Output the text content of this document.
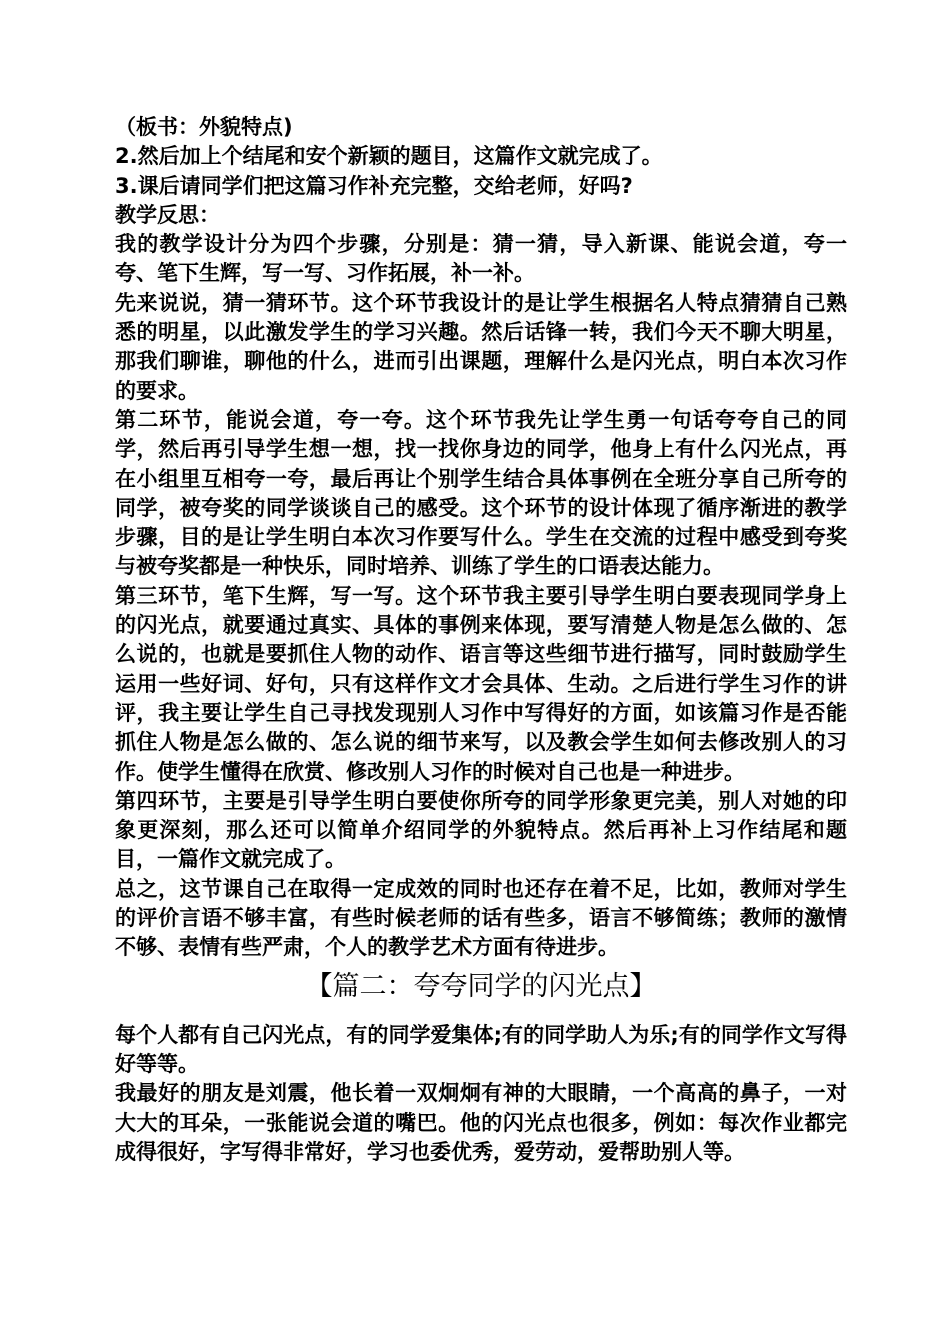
（板书：外貌特点)

2.然后加上个结尾和安个新颖的题目，这篇作文就完成了。

3.课后请同学们把这篇习作补充完整，交给老师，好吗?

教学反思：

我的教学设计分为四个步骤，分别是：猜一猜，导入新课、能说会道，夸一夸、笔下生辉，写一写、习作拓展，补一补。

先来说说，猜一猜环节。这个环节我设计的是让学生根据名人特点猜猜自己熟悉的明星，以此激发学生的学习兴趣。然后话锋一转，我们今天不聊大明星，那我们聊谁，聊他的什么，进而引出课题，理解什么是闪光点，明白本次习作的要求。

第二环节，能说会道，夸一夸。这个环节我先让学生勇一句话夸夸自己的同学，然后再引导学生想一想，找一找你身边的同学，他身上有什么闪光点，再在小组里互相夸一夸，最后再让个别学生结合具体事例在全班分享自己所夸的同学，被夸奖的同学谈谈自己的感受。这个环节的设计体现了循序渐进的教学步骤，目的是让学生明白本次习作要写什么。学生在交流的过程中感受到夸奖与被夸奖都是一种快乐，同时培养、训练了学生的口语表达能力。

第三环节，笔下生辉，写一写。这个环节我主要引导学生明白要表现同学身上的闪光点，就要通过真实、具体的事例来体现，要写清楚人物是怎么做的、怎么说的，也就是要抓住人物的动作、语言等这些细节进行描写，同时鼓励学生运用一些好词、好句，只有这样作文才会具体、生动。之后进行学生习作的讲评，我主要让学生自己寻找发现别人习作中写得好的方面，如该篇习作是否能抓住人物是怎么做的、怎么说的细节来写，以及教会学生如何去修改别人的习作。使学生懂得在欣赏、修改别人习作的时候对自己也是一种进步。

第四环节，主要是引导学生明白要使你所夸的同学形象更完美，别人对她的印象更深刻，那么还可以简单介绍同学的外貌特点。然后再补上习作结尾和题目，一篇作文就完成了。

总之，这节课自己在取得一定成效的同时也还存在着不足，比如，教师对学生的评价言语不够丰富，有些时候老师的话有些多，语言不够简练；教师的激情不够、表情有些严肃，个人的教学艺术方面有待进步。

【篇二：夸夸同学的闪光点】

每个人都有自己闪光点，有的同学爱集体;有的同学助人为乐;有的同学作文写得好等等。

我最好的朋友是刘震，他长着一双炯炯有神的大眼睛，一个高高的鼻子，一对大大的耳朵，一张能说会道的嘴巴。他的闪光点也很多，例如：每次作业都完成得很好，字写得非常好，学习也委优秀，爱劳动，爱帮助别人等。
